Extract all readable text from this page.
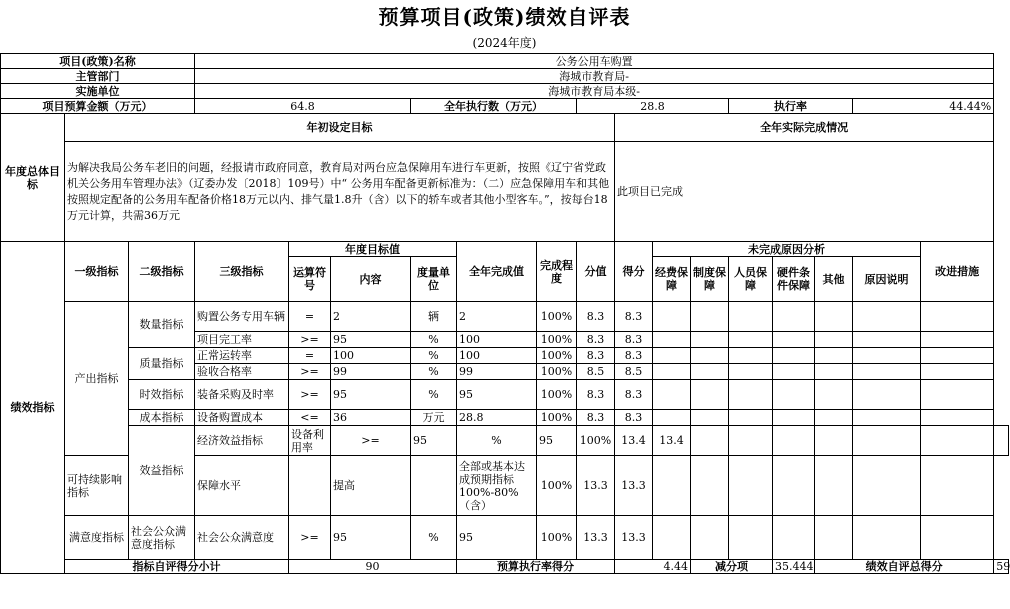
预算项目(政策)绩效自评表
(2024年度)
项目(政策)名称			公务公用车购置															
主管部门			海城市教育局-															
实施单位			海城市教育局本级-															
项目预算金额（万元）			64.8			全年执行数（万元）			28.8				执行率			44.44%		
年度总体目标	年初设定目标									全年实际完成情况								
	为解决我局公务车老旧的问题，经报请市政府同意，教育局对两台应急保障用车进行车更新，按照《辽宁省党政机关公务用车管理办法》（辽委办发〔2018〕109号）中“ 公务用车配备更新标准为：（二）应急保障用车和其他按照规定配备的公务用车配备价格18万元以内、排气量1.8升（含）以下的轿车或者其他小型客车。”，按每台18万元计算，共需36万元									此项目已完成								
绩效指标	一级指标	二级指标	三级指标	年度目标值			全年完成值	完成程度	分值	得分	未完成原因分析						改进措施	
				运算符号	内容	度量单位					经费保障	制度保障	人员保障	硬件条件保障	其他	原因说明		
	产出指标	数量指标	购置公务专用车辆	=	2	辆	2	100%	8.3	8.3								
			项目完工率	>=	95	%	100	100%	8.3	8.3								
		质量指标	正常运转率	=	100	%	100	100%	8.3	8.3								
			验收合格率	>=	99	%	99	100%	8.5	8.5								
		时效指标	装备采购及时率	>=	95	%	95	100%	8.3	8.3								
		成本指标	设备购置成本	<=	36	万元	28.8	100%	8.3	8.3								
		效益指标	经济效益指标	设备利用率	>=	95	%	95	100%	13.4	13.4							
	可持续影响指标		保障水平		提高		全部或基本达成预期指标100%-80%（含）	100%	13.3	13.3								
	满意度指标	社会公众满意度指标	社会公众满意度	>=	95	%	95	100%	13.3	13.3								
	指标自评得分小计			90			预算执行率得分			4.44		减分项		35.444	绩效自评总得分			59
